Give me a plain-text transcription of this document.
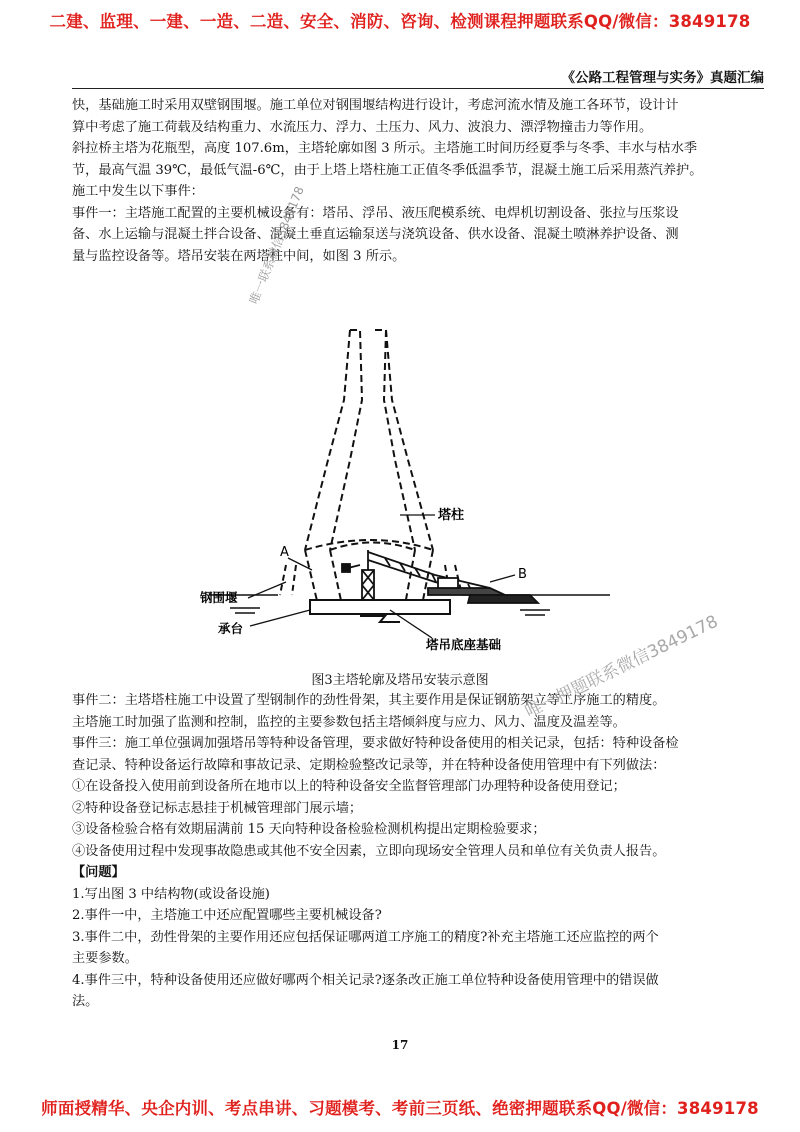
二建、监理、一建、一造、二造、安全、消防、咨询、检测课程押题联系QQ/微信：3849178
《公路工程管理与实务》真题汇编

快，基础施工时采用双壁钢围堰。施工单位对钢围堰结构进行设计，考虑河流水情及施工各环节，设计计

算中考虑了施工荷载及结构重力、水流压力、浮力、土压力、风力、波浪力、漂浮物撞击力等作用。

斜拉桥主塔为花瓶型，高度 107.6m，主塔轮廓如图 3 所示。主塔施工时间历经夏季与冬季、丰水与枯水季

节，最高气温 39℃，最低气温-6℃，由于上塔上塔柱施工正值冬季低温季节，混凝土施工后采用蒸汽养护。

施工中发生以下事件：

事件一：主塔施工配置的主要机械设备有：塔吊、浮吊、液压爬模系统、电焊机切割设备、张拉与压浆设

备、水上运输与混凝土拌合设备、混凝土垂直运输泵送与浇筑设备、供水设备、混凝土喷淋养护设备、测

量与监控设备等。塔吊安装在两塔柱中间，如图 3 所示。

唯一联系微信3849178
塔柱
A
B
钢围堰
承台
塔吊底座基础
图3主塔轮廓及塔吊安装示意图

事件二：主塔塔柱施工中设置了型钢制作的劲性骨架，其主要作用是保证钢筋架立等工序施工的精度。

主塔施工时加强了监测和控制，监控的主要参数包括主塔倾斜度与应力、风力、温度及温差等。

事件三：施工单位强调加强塔吊等特种设备管理，要求做好特种设备使用的相关记录，包括：特种设备检

查记录、特种设备运行故障和事故记录、定期检验整改记录等，并在特种设备使用管理中有下列做法：

①在设备投入使用前到设备所在地市以上的特种设备安全监督管理部门办理特种设备使用登记；

②特种设备登记标志悬挂于机械管理部门展示墙；

③设备检验合格有效期届满前 15 天向特种设备检验检测机构提出定期检验要求；

④设备使用过程中发现事故隐患或其他不安全因素，立即向现场安全管理人员和单位有关负责人报告。

【问题】

1.写出图 3 中结构物(或设备设施)

2.事件一中，主塔施工中还应配置哪些主要机械设备?

3.事件二中，劲性骨架的主要作用还应包括保证哪两道工序施工的精度?补充主塔施工还应监控的两个

主要参数。

4.事件三中，特种设备使用还应做好哪两个相关记录?逐条改正施工单位特种设备使用管理中的错误做

法。

唯一押题联系微信3849178
17
师面授精华、央企内训、考点串讲、习题模考、考前三页纸、绝密押题联系QQ/微信：3849178
